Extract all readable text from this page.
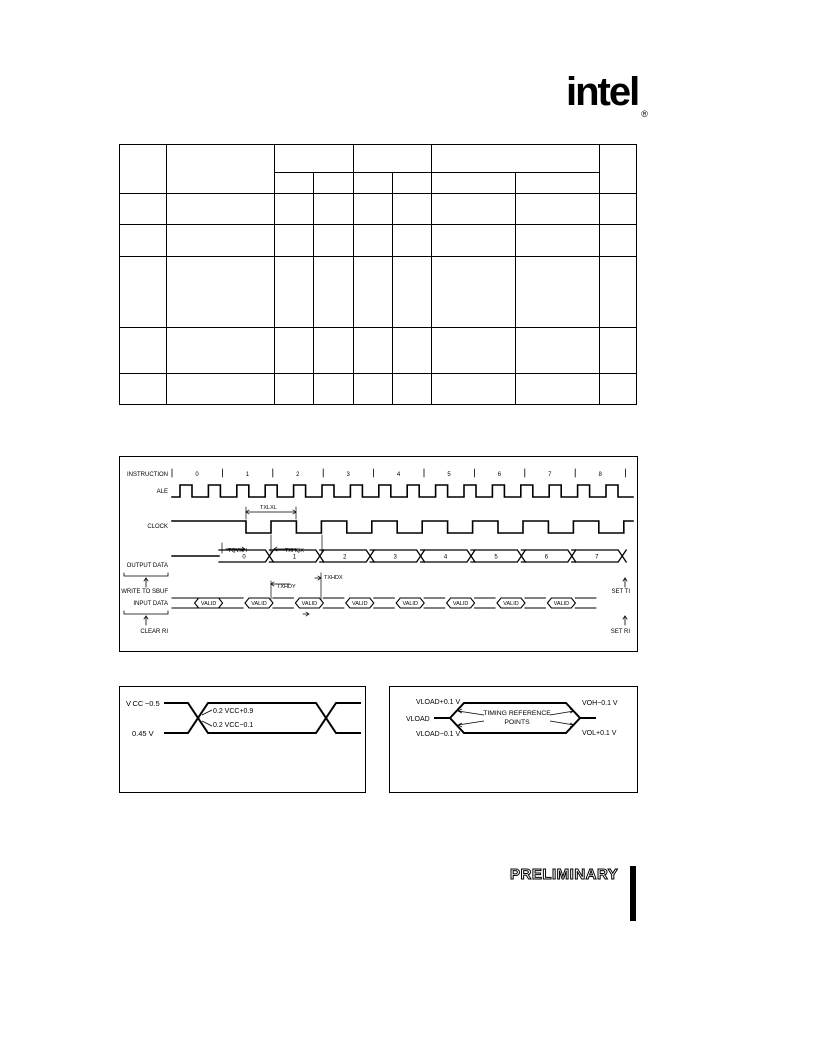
intel ®

INSTRUCTION
ALE
CLOCK
OUTPUT DATA
WRITE TO SBUF
INPUT DATA
CLEAR RI
0	1	2	3	4	5	6	7	8
0	1	2	3	4	5	6	7
VALID	VALID	VALID	VALID	VALID	VALID	VALID	VALID
TXLXL
TQVXH	TXHQX
TXHDY
TXHDX
SET TI
SET RI
V CC −0.5
0.45 V
0.2 VCC+0.9
0.2 VCC−0.1
VLOAD+0.1 V
VLOAD
VLOAD−0.1 V
TIMING REFERENCE
POINTS
VOH−0.1 V
VOL+0.1 V
PRELIMINARY
